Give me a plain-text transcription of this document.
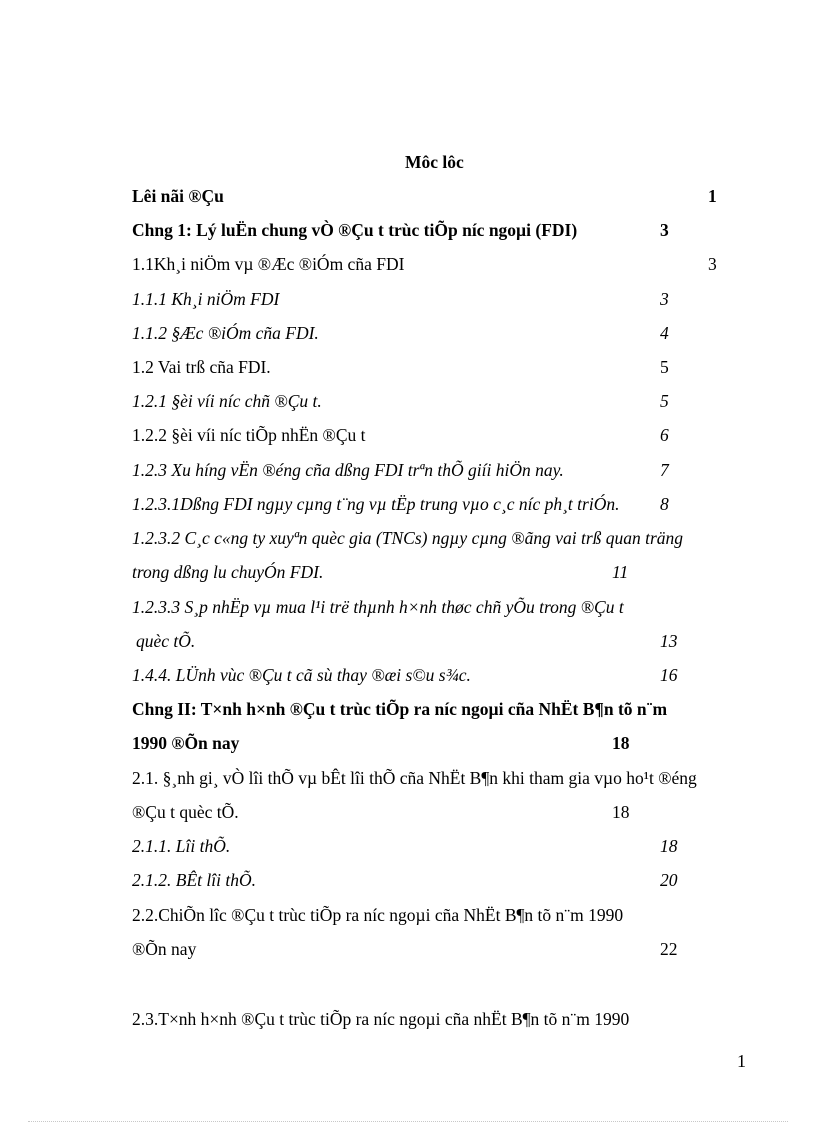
Môc lôc
Lêi nãi ®Çu	1
Chng 1: Lý luËn chung vÒ ®Çu t trùc tiÕp níc ngoµi (FDI)	3
1.1Kh¸i niÖm vµ ®Æc ®iÓm cña FDI	3
1.1.1 Kh¸i niÖm FDI	3
1.1.2 §Æc ®iÓm cña FDI.	4
1.2 Vai trß cña FDI.	5
1.2.1 §èi víi níc chñ ®Çu t.	5
1.2.2 §èi víi níc tiÕp nhËn ®Çu t	6
1.2.3 Xu híng vËn ®éng cña dßng FDI trªn thÕ giíi hiÖn nay.	7
1.2.3.1Dßng FDI ngµy cµng t¨ng vµ tËp trung vµo c¸c níc ph¸t triÓn. 8
1.2.3.2 C¸c c«ng ty xuyªn quèc gia (TNCs) ngµy cµng ®ãng vai trß quan träng
trong dßng lu chuyÓn FDI.	11
1.2.3.3 S¸p nhËp vµ mua l¹i trë thµnh h×nh thøc chñ yÕu trong ®Çu t
quèc tÕ.	13
1.4.4. LÜnh vùc ®Çu t cã sù thay ®æi s©u s¾c.	16
Chng II: T×nh h×nh ®Çu t trùc tiÕp ra níc ngoµi cña NhËt B¶n tõ n¨m
1990 ®Õn nay	18
2.1. §¸nh gi¸ vÒ lîi thÕ vµ bÊt lîi thÕ cña NhËt B¶n khi tham gia vµo ho¹t ®éng
®Çu t quèc tÕ.	18
2.1.1. Lîi thÕ.	18
2.1.2. BÊt lîi thÕ.	20
2.2.ChiÕn lîc ®Çu t trùc tiÕp ra níc ngoµi cña NhËt B¶n tõ n¨m 1990
®Õn nay	22
2.3.T×nh h×nh ®Çu t trùc tiÕp ra níc ngoµi cña nhËt B¶n tõ n¨m 1990
1
